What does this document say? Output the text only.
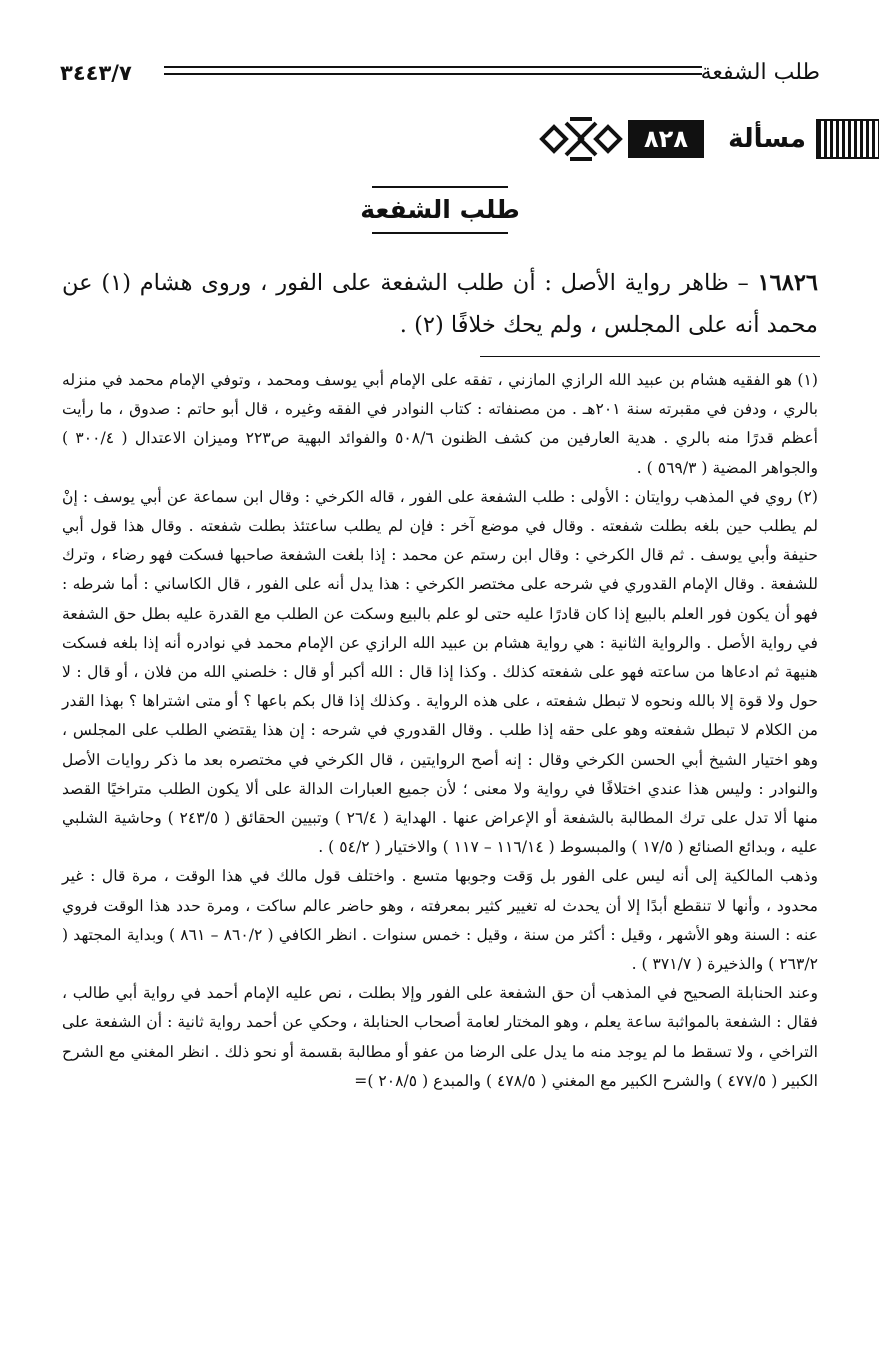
طلب الشفعة
٣٤٤٣/٧
مسألة
٨٢٨
طلب الشفعة
١٦٨٢٦ – ظاهر رواية الأصل : أن طلب الشفعة على الفور ، وروى هشام (١) عن محمد أنه على المجلس ، ولم يحك خلافًا (٢) .

(١) هو الفقيه هشام بن عبيد الله الرازي المازني ، تفقه على الإمام أبي يوسف ومحمد ، وتوفي الإمام محمد في منزله بالري ، ودفن في مقبرته سنة ٢٠١هـ . من مصنفاته : كتاب النوادر في الفقه وغيره ، قال أبو حاتم : صدوق ، ما رأيت أعظم قدرًا منه بالري . هدية العارفين من كشف الظنون ٥٠٨/٦ والفوائد البهية ص٢٢٣ وميزان الاعتدال ( ٣٠٠/٤ ) والجواهر المضية ( ٥٦٩/٣ ) .

(٢) روي في المذهب روايتان : الأولى : طلب الشفعة على الفور ، قاله الكرخي : وقال ابن سماعة عن أبي يوسف : إنْ لم يطلب حين بلغه بطلت شفعته . وقال في موضع آخر : فإن لم يطلب ساعتئذ بطلت شفعته . وقال هذا قول أبي حنيفة وأبي يوسف . ثم قال الكرخي : وقال ابن رستم عن محمد : إذا بلغت الشفعة صاحبها فسكت فهو رضاء ، وترك للشفعة . وقال الإمام القدوري في شرحه على مختصر الكرخي : هذا يدل أنه على الفور ، قال الكاساني : أما شرطه : فهو أن يكون فور العلم بالبيع إذا كان قادرًا عليه حتى لو علم بالبيع وسكت عن الطلب مع القدرة عليه بطل حق الشفعة في رواية الأصل . والرواية الثانية : هي رواية هشام بن عبيد الله الرازي عن الإمام محمد في نوادره أنه إذا بلغه فسكت هنيهة ثم ادعاها من ساعته فهو على شفعته كذلك . وكذا إذا قال : الله أكبر أو قال : خلصني الله من فلان ، أو قال : لا حول ولا قوة إلا بالله ونحوه لا تبطل شفعته ، على هذه الرواية . وكذلك إذا قال بكم باعها ؟ أو متى اشتراها ؟ بهذا القدر من الكلام لا تبطل شفعته وهو على حقه إذا طلب . وقال القدوري في شرحه : إن هذا يقتضي الطلب على المجلس ، وهو اختيار الشيخ أبي الحسن الكرخي وقال : إنه أصح الروايتين ، قال الكرخي في مختصره بعد ما ذكر روايات الأصل والنوادر : وليس هذا عندي اختلافًا في رواية ولا معنى ؛ لأن جميع العبارات الدالة على ألا يكون الطلب متراخيًا القصد منها ألا تدل على ترك المطالبة بالشفعة أو الإعراض عنها . الهداية ( ٢٦/٤ ) وتبيين الحقائق ( ٢٤٣/٥ ) وحاشية الشلبي عليه ، وبدائع الصنائع ( ١٧/٥ ) والمبسوط ( ١١٦/١٤ – ١١٧ ) والاختيار ( ٥٤/٢ ) .

وذهب المالكية إلى أنه ليس على الفور بل وَقت وجوبها متسع . واختلف قول مالك في هذا الوقت ، مرة قال : غير محدود ، وأنها لا تنقطع أبدًا إلا أن يحدث له تغيير كثير بمعرفته ، وهو حاضر عالم ساكت ، ومرة حدد هذا الوقت فروي عنه : السنة وهو الأشهر ، وقيل : أكثر من سنة ، وقيل : خمس سنوات . انظر الكافي ( ٨٦٠/٢ – ٨٦١ ) وبداية المجتهد ( ٢٦٣/٢ ) والذخيرة ( ٣٧١/٧ ) .

وعند الحنابلة الصحيح في المذهب أن حق الشفعة على الفور وإلا بطلت ، نص عليه الإمام أحمد في رواية أبي طالب ، فقال : الشفعة بالمواثبة ساعة يعلم ، وهو المختار لعامة أصحاب الحنابلة ، وحكي عن أحمد رواية ثانية : أن الشفعة على التراخي ، ولا تسقط ما لم يوجد منه ما يدل على الرضا من عفو أو مطالبة بقسمة أو نحو ذلك . انظر المغني مع الشرح الكبير ( ٤٧٧/٥ ) والشرح الكبير مع المغني ( ٤٧٨/٥ ) والمبدع ( ٢٠٨/٥ )=
